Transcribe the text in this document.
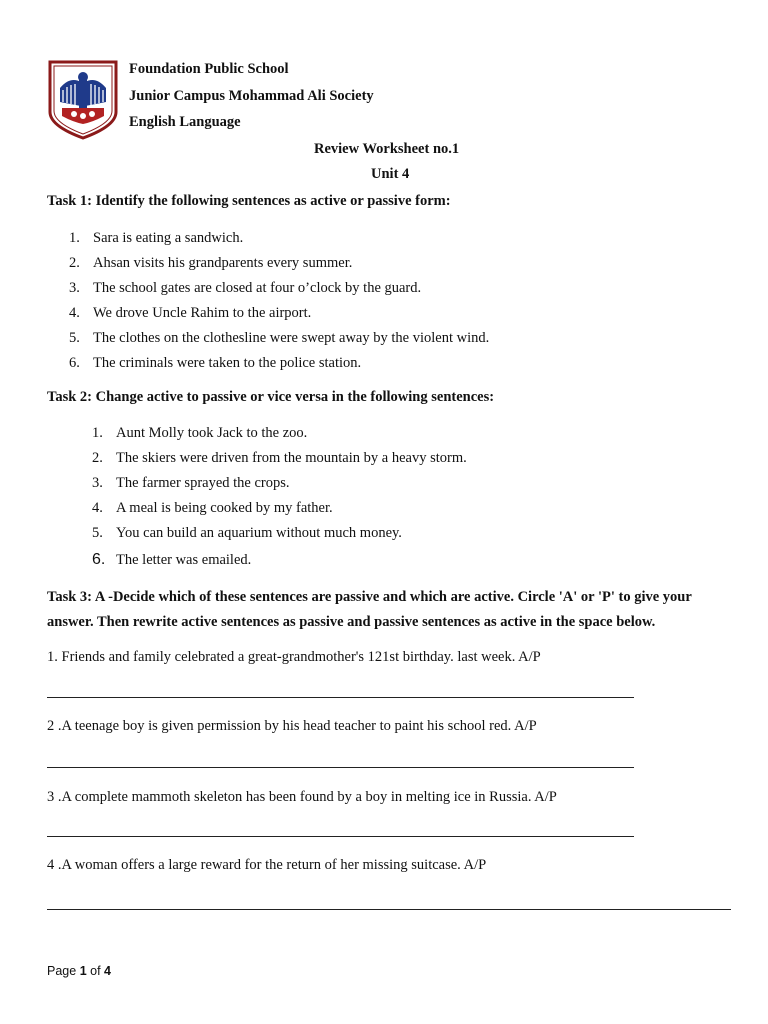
Foundation Public School
Junior Campus Mohammad Ali Society
English Language
Review Worksheet no.1
Unit 4
Task 1: Identify the following sentences as active or passive form:
1. Sara is eating a sandwich.
2. Ahsan visits his grandparents every summer.
3. The school gates are closed at four o’clock by the guard.
4. We drove Uncle Rahim to the airport.
5. The clothes on the clothesline were swept away by the violent wind.
6. The criminals were taken to the police station.
Task 2: Change active to passive or vice versa in the following sentences:
1. Aunt Molly took Jack to the zoo.
2. The skiers were driven from the mountain by a heavy storm.
3. The farmer sprayed the crops.
4. A meal is being cooked by my father.
5. You can build an aquarium without much money.
6. The letter was emailed.
Task 3: A -Decide which of these sentences are passive and which are active. Circle 'A' or 'P' to give your
answer. Then rewrite active sentences as passive and passive sentences as active in the space below.
1. Friends and family celebrated a great-grandmother's 121st birthday. last week. A/P
2 .A teenage boy is given permission by his head teacher to paint his school red. A/P
3 .A complete mammoth skeleton has been found by a boy in melting ice in Russia. A/P
4 .A woman offers a large reward for the return of her missing suitcase. A/P
Page 1 of 4
